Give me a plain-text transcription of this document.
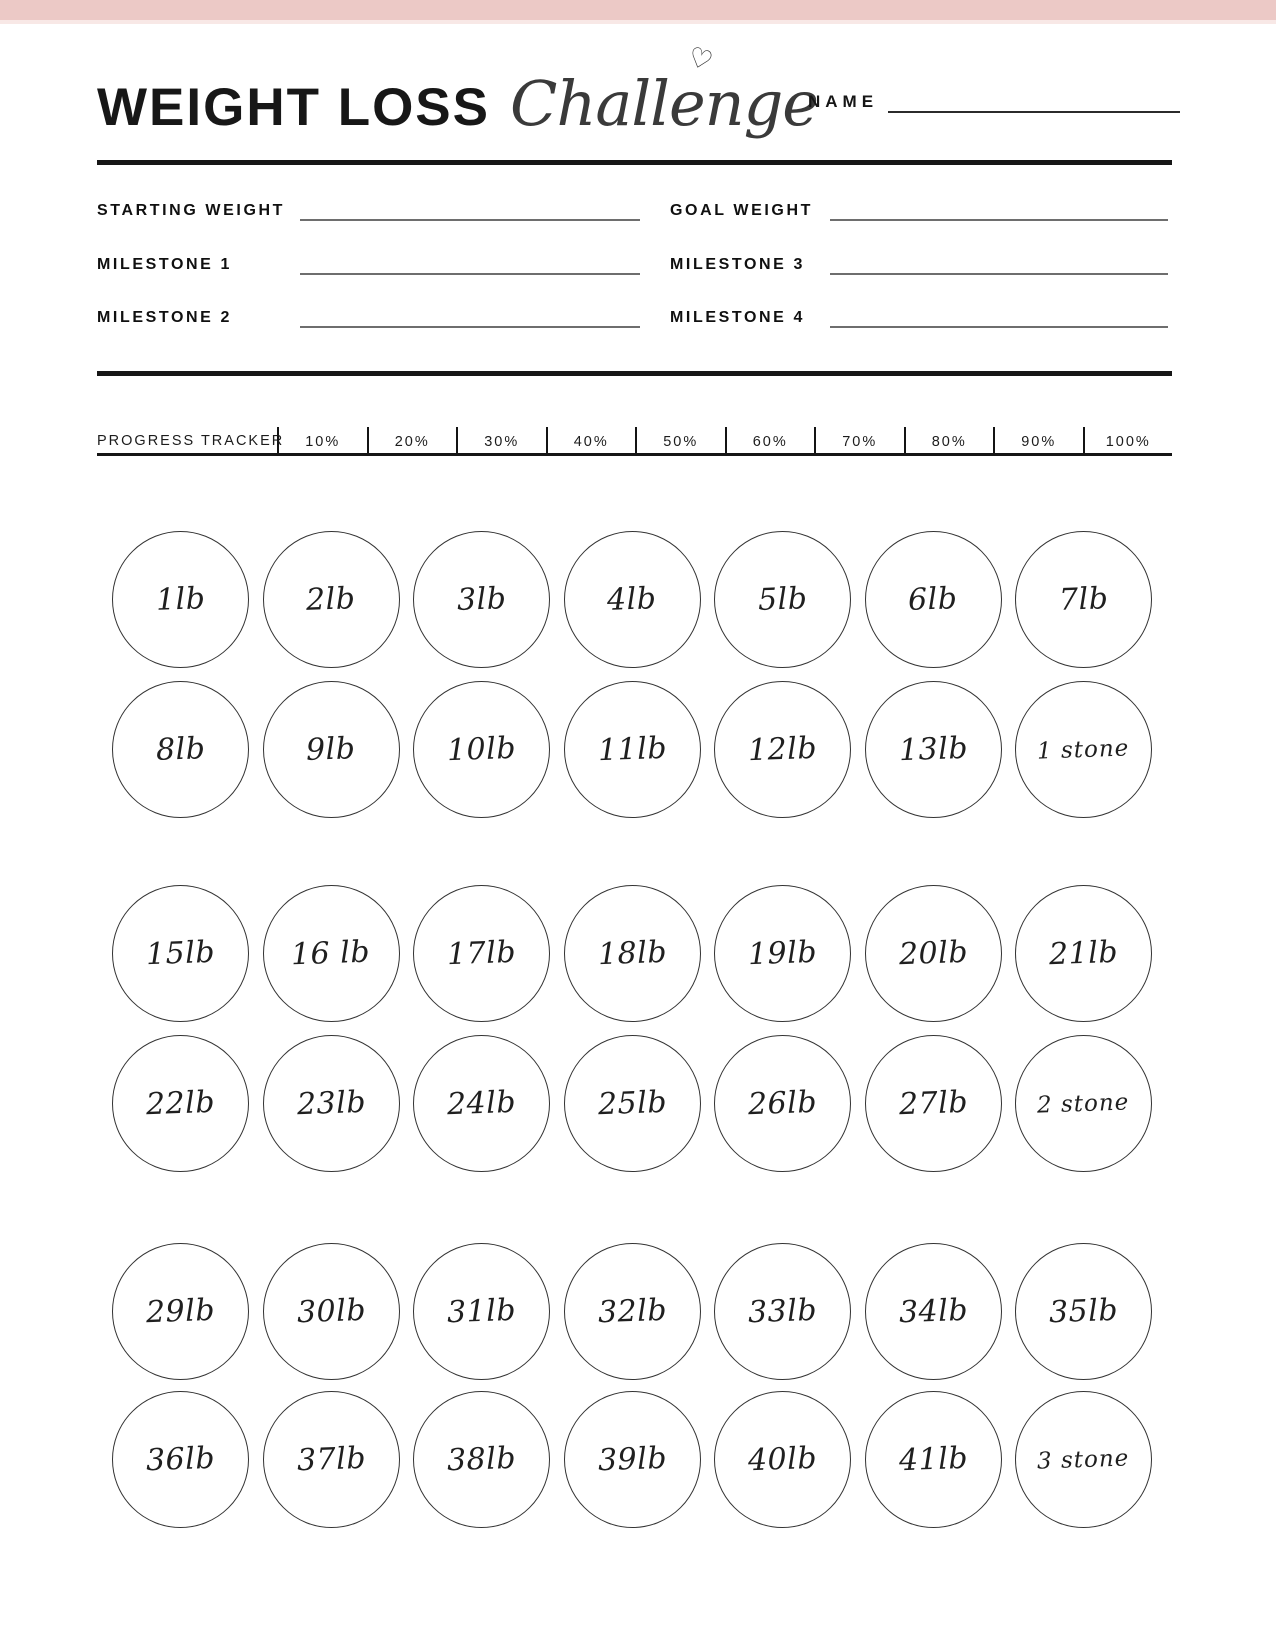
WEIGHT LOSS Challenge
♡
NAME
STARTING WEIGHT	GOAL WEIGHT
MILESTONE 1	MILESTONE 3
MILESTONE 2	MILESTONE 4
PROGRESS TRACKER	10%	20%	30%	40%	50%	60%	70%	80%	90%	100%
1lb	2lb	3lb	4lb	5lb	6lb	7lb
8lb	9lb	10lb	11lb	12lb	13lb	1 stone
15lb	16 lb	17lb	18lb	19lb	20lb	21lb
22lb	23lb	24lb	25lb	26lb	27lb	2 stone
29lb	30lb	31lb	32lb	33lb	34lb	35lb
36lb	37lb	38lb	39lb	40lb	41lb	3 stone
